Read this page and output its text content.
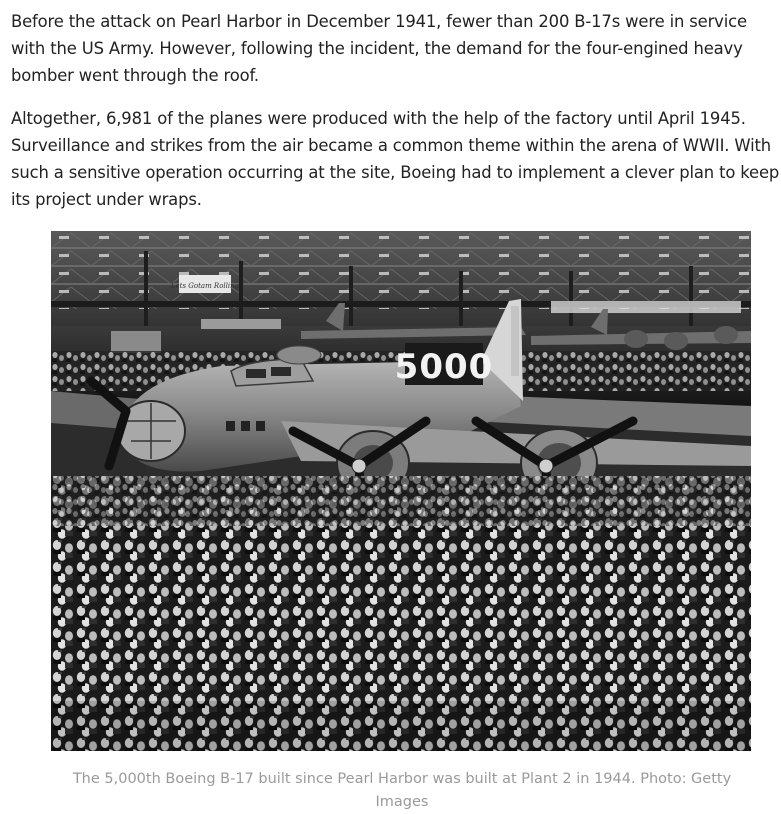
Before the attack on Pearl Harbor in December 1941, fewer than 200 B-17s were in service with the US Army. However, following the incident, the demand for the four-engined heavy bomber went through the roof.

Altogether, 6,981 of the planes were produced with the help of the factory until April 1945. Surveillance and strikes from the air became a common theme within the arena of WWII. With such a sensitive operation occurring at the site, Boeing had to implement a clever plan to keep its project under wraps.

Lets Gotam Rolling
5000
The 5,000th Boeing B-17 built since Pearl Harbor was built at Plant 2 in 1944. Photo: Getty Images
